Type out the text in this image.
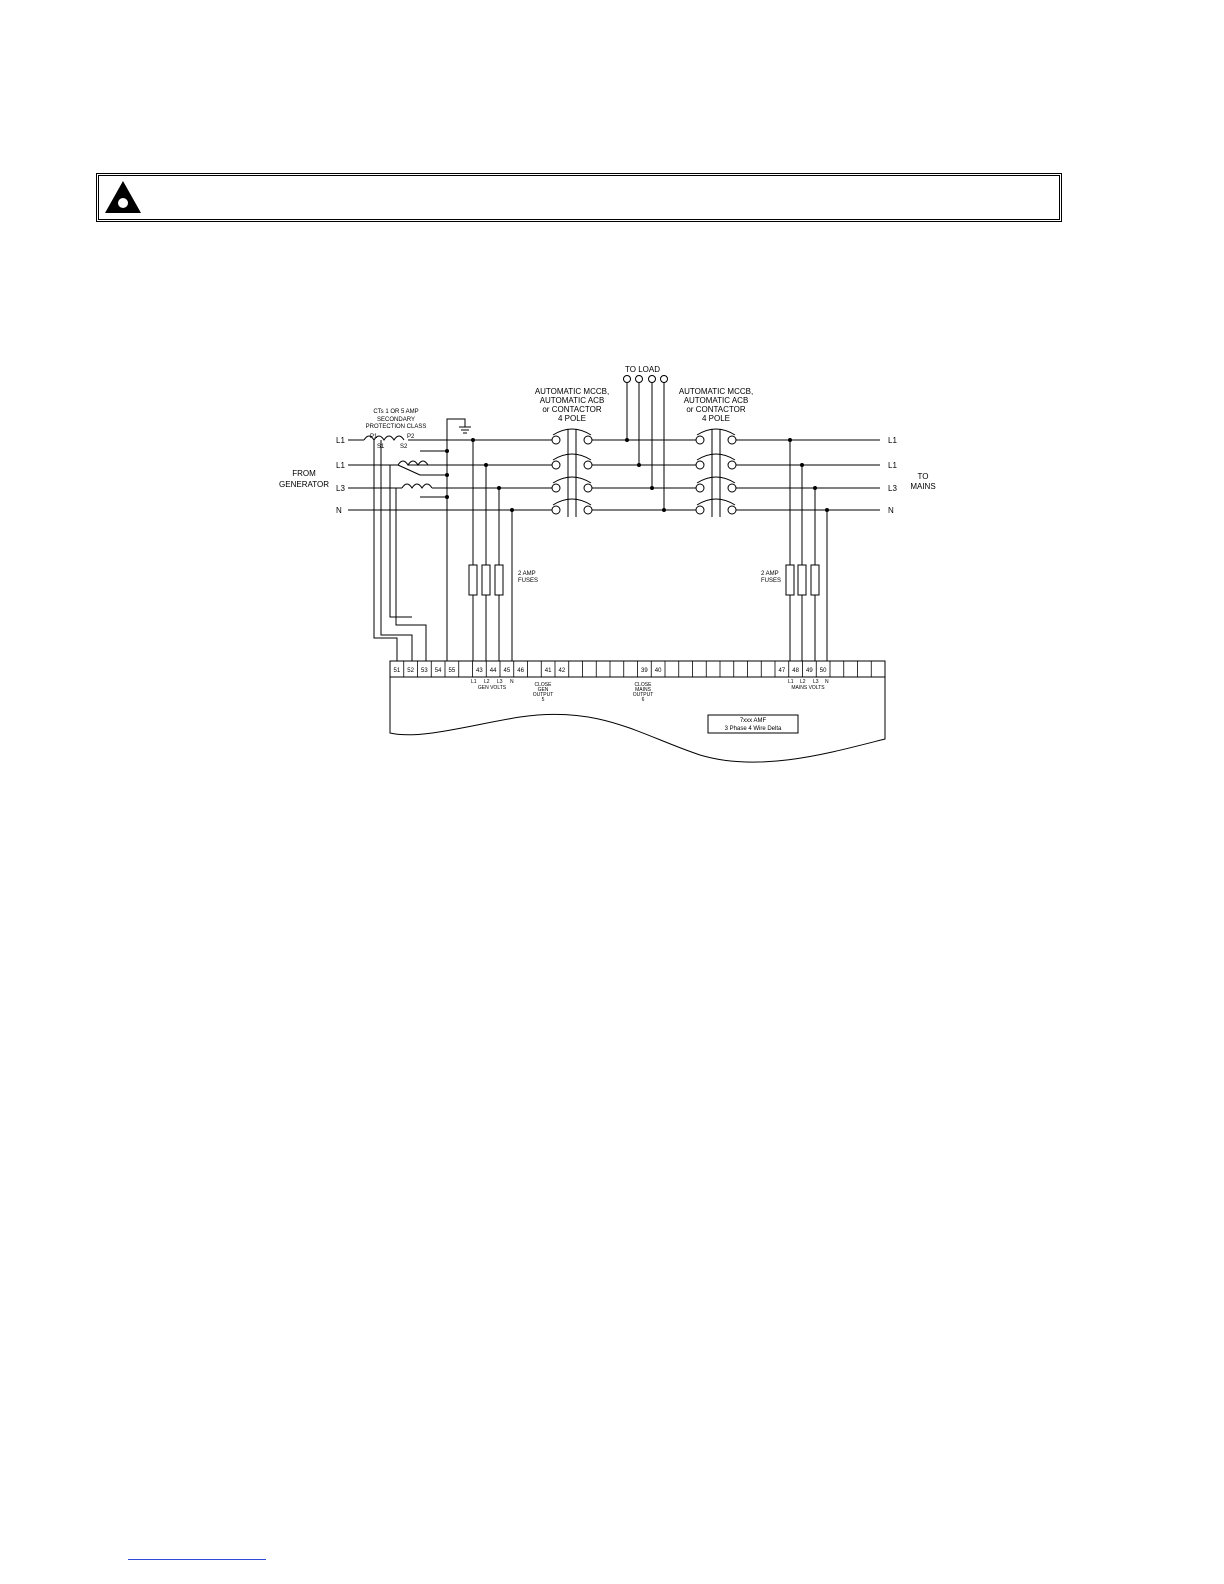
TO LOAD
AUTOMATIC MCCB,
AUTOMATIC ACB
or CONTACTOR
4 POLE
AUTOMATIC MCCB,
AUTOMATIC ACB
or CONTACTOR
4 POLE
CTs 1 OR 5 AMP
SECONDARY
PROTECTION CLASS
P1	P2
S1	S2
L1
L1
L3
N
L1
L1
L3
N
FROM
GENERATOR
TO
MAINS
2 AMP
FUSES
2 AMP
FUSES
51 52 53 54 55	43 44 45 46	41 42	39 40	47 48 49 50
L1 L2 L3 N
GEN VOLTS
L1 L2 L3 N
MAINS VOLTS
CLOSE
GEN
OUTPUT
5
CLOSE
MAINS
OUTPUT
6
7xxx AMF
3 Phase 4 Wire Delta
